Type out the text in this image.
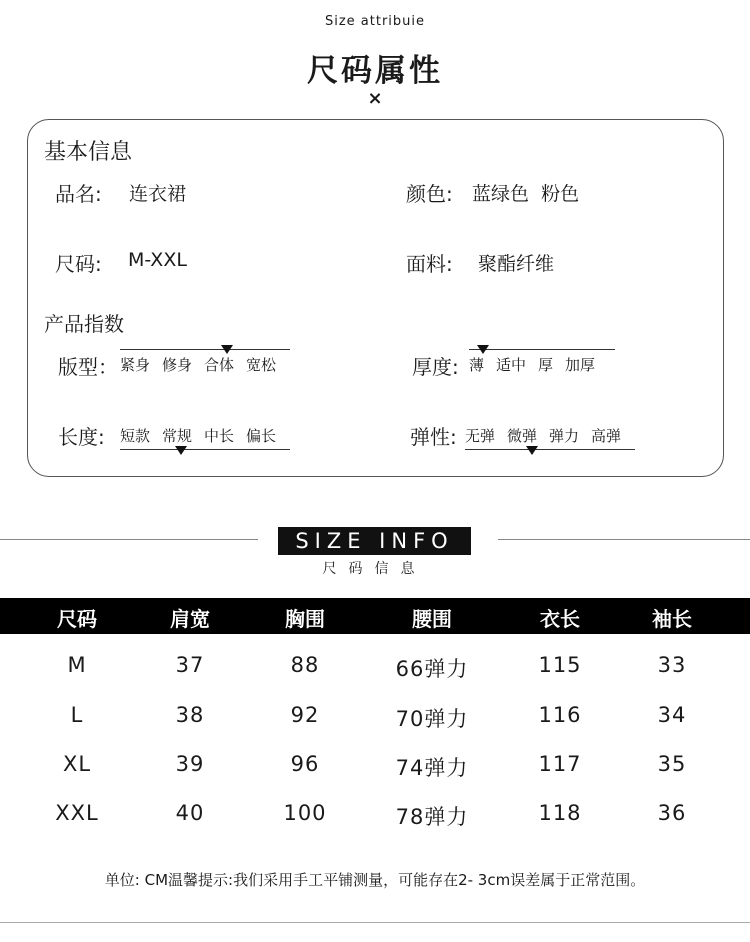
Size attribuie
尺码属性
×
基本信息
品名: 连衣裙	颜色: 蓝绿色  粉色
尺码: M-XXL	面料: 聚酯纤维
产品指数
版型： 紧身 修身 合体 宽松	厚度: 薄 适中 厚 加厚
长度: 短款 常规 中长 偏长	弹性: 无弹 微弹 弹力 高弹
SIZE INFO
尺码信息
尺码	肩宽	胸围	腰围	衣长	袖长
M	37	88	66弹力	115	33
L	38	92	70弹力	116	34
XL	39	96	74弹力	117	35
XXL	40	100	78弹力	118	36
单位: CM温馨提示:我们采用手工平铺测量，可能存在2- 3cm误差属于正常范围。
